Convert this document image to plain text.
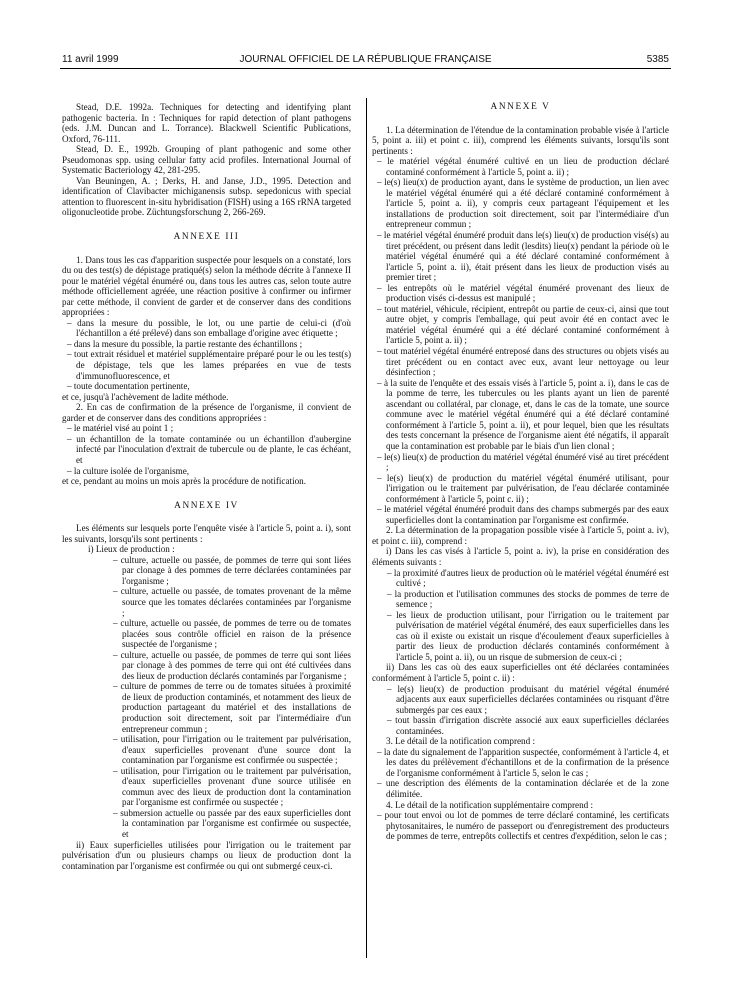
11 avril 1999	JOURNAL OFFICIEL DE LA RÉPUBLIQUE FRANÇAISE	5385

Stead, D.E. 1992a. Techniques for detecting and identifying plant pathogenic bacteria. In : Techniques for rapid detection of plant pathogens (eds. J.M. Duncan and L. Torrance). Blackwell Scientific Publications, Oxford, 76-111.

Stead, D. E., 1992b. Grouping of plant pathogenic and some other Pseudomonas spp. using cellular fatty acid profiles. International Journal of Systematic Bacteriology 42, 281-295.

Van Beuningen, A. ; Derks, H. and Janse, J.D., 1995. Detection and identification of Clavibacter michiganensis subsp. sepedonicus with special attention to fluorescent in-situ hybridisation (FISH) using a 16S rRNA targeted oligonucleotide probe. Züchtungsforschung 2, 266-269.

ANNEXE III

1. Dans tous les cas d'apparition suspectée pour lesquels on a constaté, lors du ou des test(s) de dépistage pratiqué(s) selon la méthode décrite à l'annexe II pour le matériel végétal énuméré ou, dans tous les autres cas, selon toute autre méthode officiellement agréée, une réaction positive à confirmer ou infirmer par cette méthode, il convient de garder et de conserver dans des conditions appropriées :

– dans la mesure du possible, le lot, ou une partie de celui-ci (d'où l'échantillon a été prélevé) dans son emballage d'origine avec étiquette ;

– dans la mesure du possible, la partie restante des échantillons ;

– tout extrait résiduel et matériel supplémentaire préparé pour le ou les test(s) de dépistage, tels que les lames préparées en vue de tests d'immunofluorescence, et

– toute documentation pertinente,

et ce, jusqu'à l'achèvement de ladite méthode.

2. En cas de confirmation de la présence de l'organisme, il convient de garder et de conserver dans des conditions appropriées :

– le matériel visé au point 1 ;

– un échantillon de la tomate contaminée ou un échantillon d'aubergine infecté par l'inoculation d'extrait de tubercule ou de plante, le cas échéant, et

– la culture isolée de l'organisme,

et ce, pendant au moins un mois après la procédure de notification.

ANNEXE IV

Les éléments sur lesquels porte l'enquête visée à l'article 5, point a. i), sont les suivants, lorsqu'ils sont pertinents :

i) Lieux de production :

– culture, actuelle ou passée, de pommes de terre qui sont liées par clonage à des pommes de terre déclarées contaminées par l'organisme ;

– culture, actuelle ou passée, de tomates provenant de la même source que les tomates déclarées contaminées par l'organisme ;

– culture, actuelle ou passée, de pommes de terre ou de tomates placées sous contrôle officiel en raison de la présence suspectée de l'organisme ;

– culture, actuelle ou passée, de pommes de terre qui sont liées par clonage à des pommes de terre qui ont été cultivées dans des lieux de production déclarés contaminés par l'organisme ;

– culture de pommes de terre ou de tomates situées à proximité de lieux de production contaminés, et notamment des lieux de production partageant du matériel et des installations de production soit directement, soit par l'intermédiaire d'un entrepreneur commun ;

– utilisation, pour l'irrigation ou le traitement par pulvérisation, d'eaux superficielles provenant d'une source dont la contamination par l'organisme est confirmée ou suspectée ;

– utilisation, pour l'irrigation ou le traitement par pulvérisation, d'eaux superficielles provenant d'une source utilisée en commun avec des lieux de production dont la contamination par l'organisme est confirmée ou suspectée ;

– submersion actuelle ou passée par des eaux superficielles dont la contamination par l'organisme est confirmée ou suspectée, et

ii) Eaux superficielles utilisées pour l'irrigation ou le traitement par pulvérisation d'un ou plusieurs champs ou lieux de production dont la contamination par l'organisme est confirmée ou qui ont submergé ceux-ci.

ANNEXE V

1. La détermination de l'étendue de la contamination probable visée à l'article 5, point a. iii) et point c. iii), comprend les éléments suivants, lorsqu'ils sont pertinents :

– le matériel végétal énuméré cultivé en un lieu de production déclaré contaminé conformément à l'article 5, point a. ii) ;

– le(s) lieu(x) de production ayant, dans le système de production, un lien avec le matériel végétal énuméré qui a été déclaré contaminé conformément à l'article 5, point a. ii), y compris ceux partageant l'équipement et les installations de production soit directement, soit par l'intermédiaire d'un entrepreneur commun ;

– le matériel végétal énuméré produit dans le(s) lieu(x) de production visé(s) au tiret précédent, ou présent dans ledit (lesdits) lieu(x) pendant la période où le matériel végétal énuméré qui a été déclaré contaminé conformément à l'article 5, point a. ii), était présent dans les lieux de production visés au premier tiret ;

– les entrepôts où le matériel végétal énuméré provenant des lieux de production visés ci-dessus est manipulé ;

– tout matériel, véhicule, récipient, entrepôt ou partie de ceux-ci, ainsi que tout autre objet, y compris l'emballage, qui peut avoir été en contact avec le matériel végétal énuméré qui a été déclaré contaminé conformément à l'article 5, point a. ii) ;

– tout matériel végétal énuméré entreposé dans des structures ou objets visés au tiret précédent ou en contact avec eux, avant leur nettoyage ou leur désinfection ;

– à la suite de l'enquête et des essais visés à l'article 5, point a. i), dans le cas de la pomme de terre, les tubercules ou les plants ayant un lien de parenté ascendant ou collatéral, par clonage, et, dans le cas de la tomate, une source commune avec le matériel végétal énuméré qui a été déclaré contaminé conformément à l'article 5, point a. ii), et pour lequel, bien que les résultats des tests concernant la présence de l'organisme aient été négatifs, il apparaît que la contamination est probable par le biais d'un lien clonal ;

– le(s) lieu(x) de production du matériel végétal énuméré visé au tiret précédent ;

– le(s) lieu(x) de production du matériel végétal énuméré utilisant, pour l'irrigation ou le traitement par pulvérisation, de l'eau déclarée contaminée conformément à l'article 5, point c. ii) ;

– le matériel végétal énuméré produit dans des champs submergés par des eaux superficielles dont la contamination par l'organisme est confirmée.

2. La détermination de la propagation possible visée à l'article 5, point a. iv), et point c. iii), comprend :

i) Dans les cas visés à l'article 5, point a. iv), la prise en considération des éléments suivants :

– la proximité d'autres lieux de production où le matériel végétal énuméré est cultivé ;

– la production et l'utilisation communes des stocks de pommes de terre de semence ;

– les lieux de production utilisant, pour l'irrigation ou le traitement par pulvérisation de matériel végétal énuméré, des eaux superficielles dans les cas où il existe ou existait un risque d'écoulement d'eaux superficielles à partir des lieux de production déclarés contaminés conformément à l'article 5, point a. ii), ou un risque de submersion de ceux-ci ;

ii) Dans les cas où des eaux superficielles ont été déclarées contaminées conformément à l'article 5, point c. ii) :

– le(s) lieu(x) de production produisant du matériel végétal énuméré adjacents aux eaux superficielles déclarées contaminées ou risquant d'être submergés par ces eaux ;

– tout bassin d'irrigation discrète associé aux eaux superficielles déclarées contaminées.

3. Le détail de la notification comprend :

– la date du signalement de l'apparition suspectée, conformément à l'article 4, et les dates du prélèvement d'échantillons et de la confirmation de la présence de l'organisme conformément à l'article 5, selon le cas ;

– une description des éléments de la contamination déclarée et de la zone délimitée.

4. Le détail de la notification supplémentaire comprend :

– pour tout envoi ou lot de pommes de terre déclaré contaminé, les certificats phytosanitaires, le numéro de passeport ou d'enregistrement des producteurs de pommes de terre, entrepôts collectifs et centres d'expédition, selon le cas ;
